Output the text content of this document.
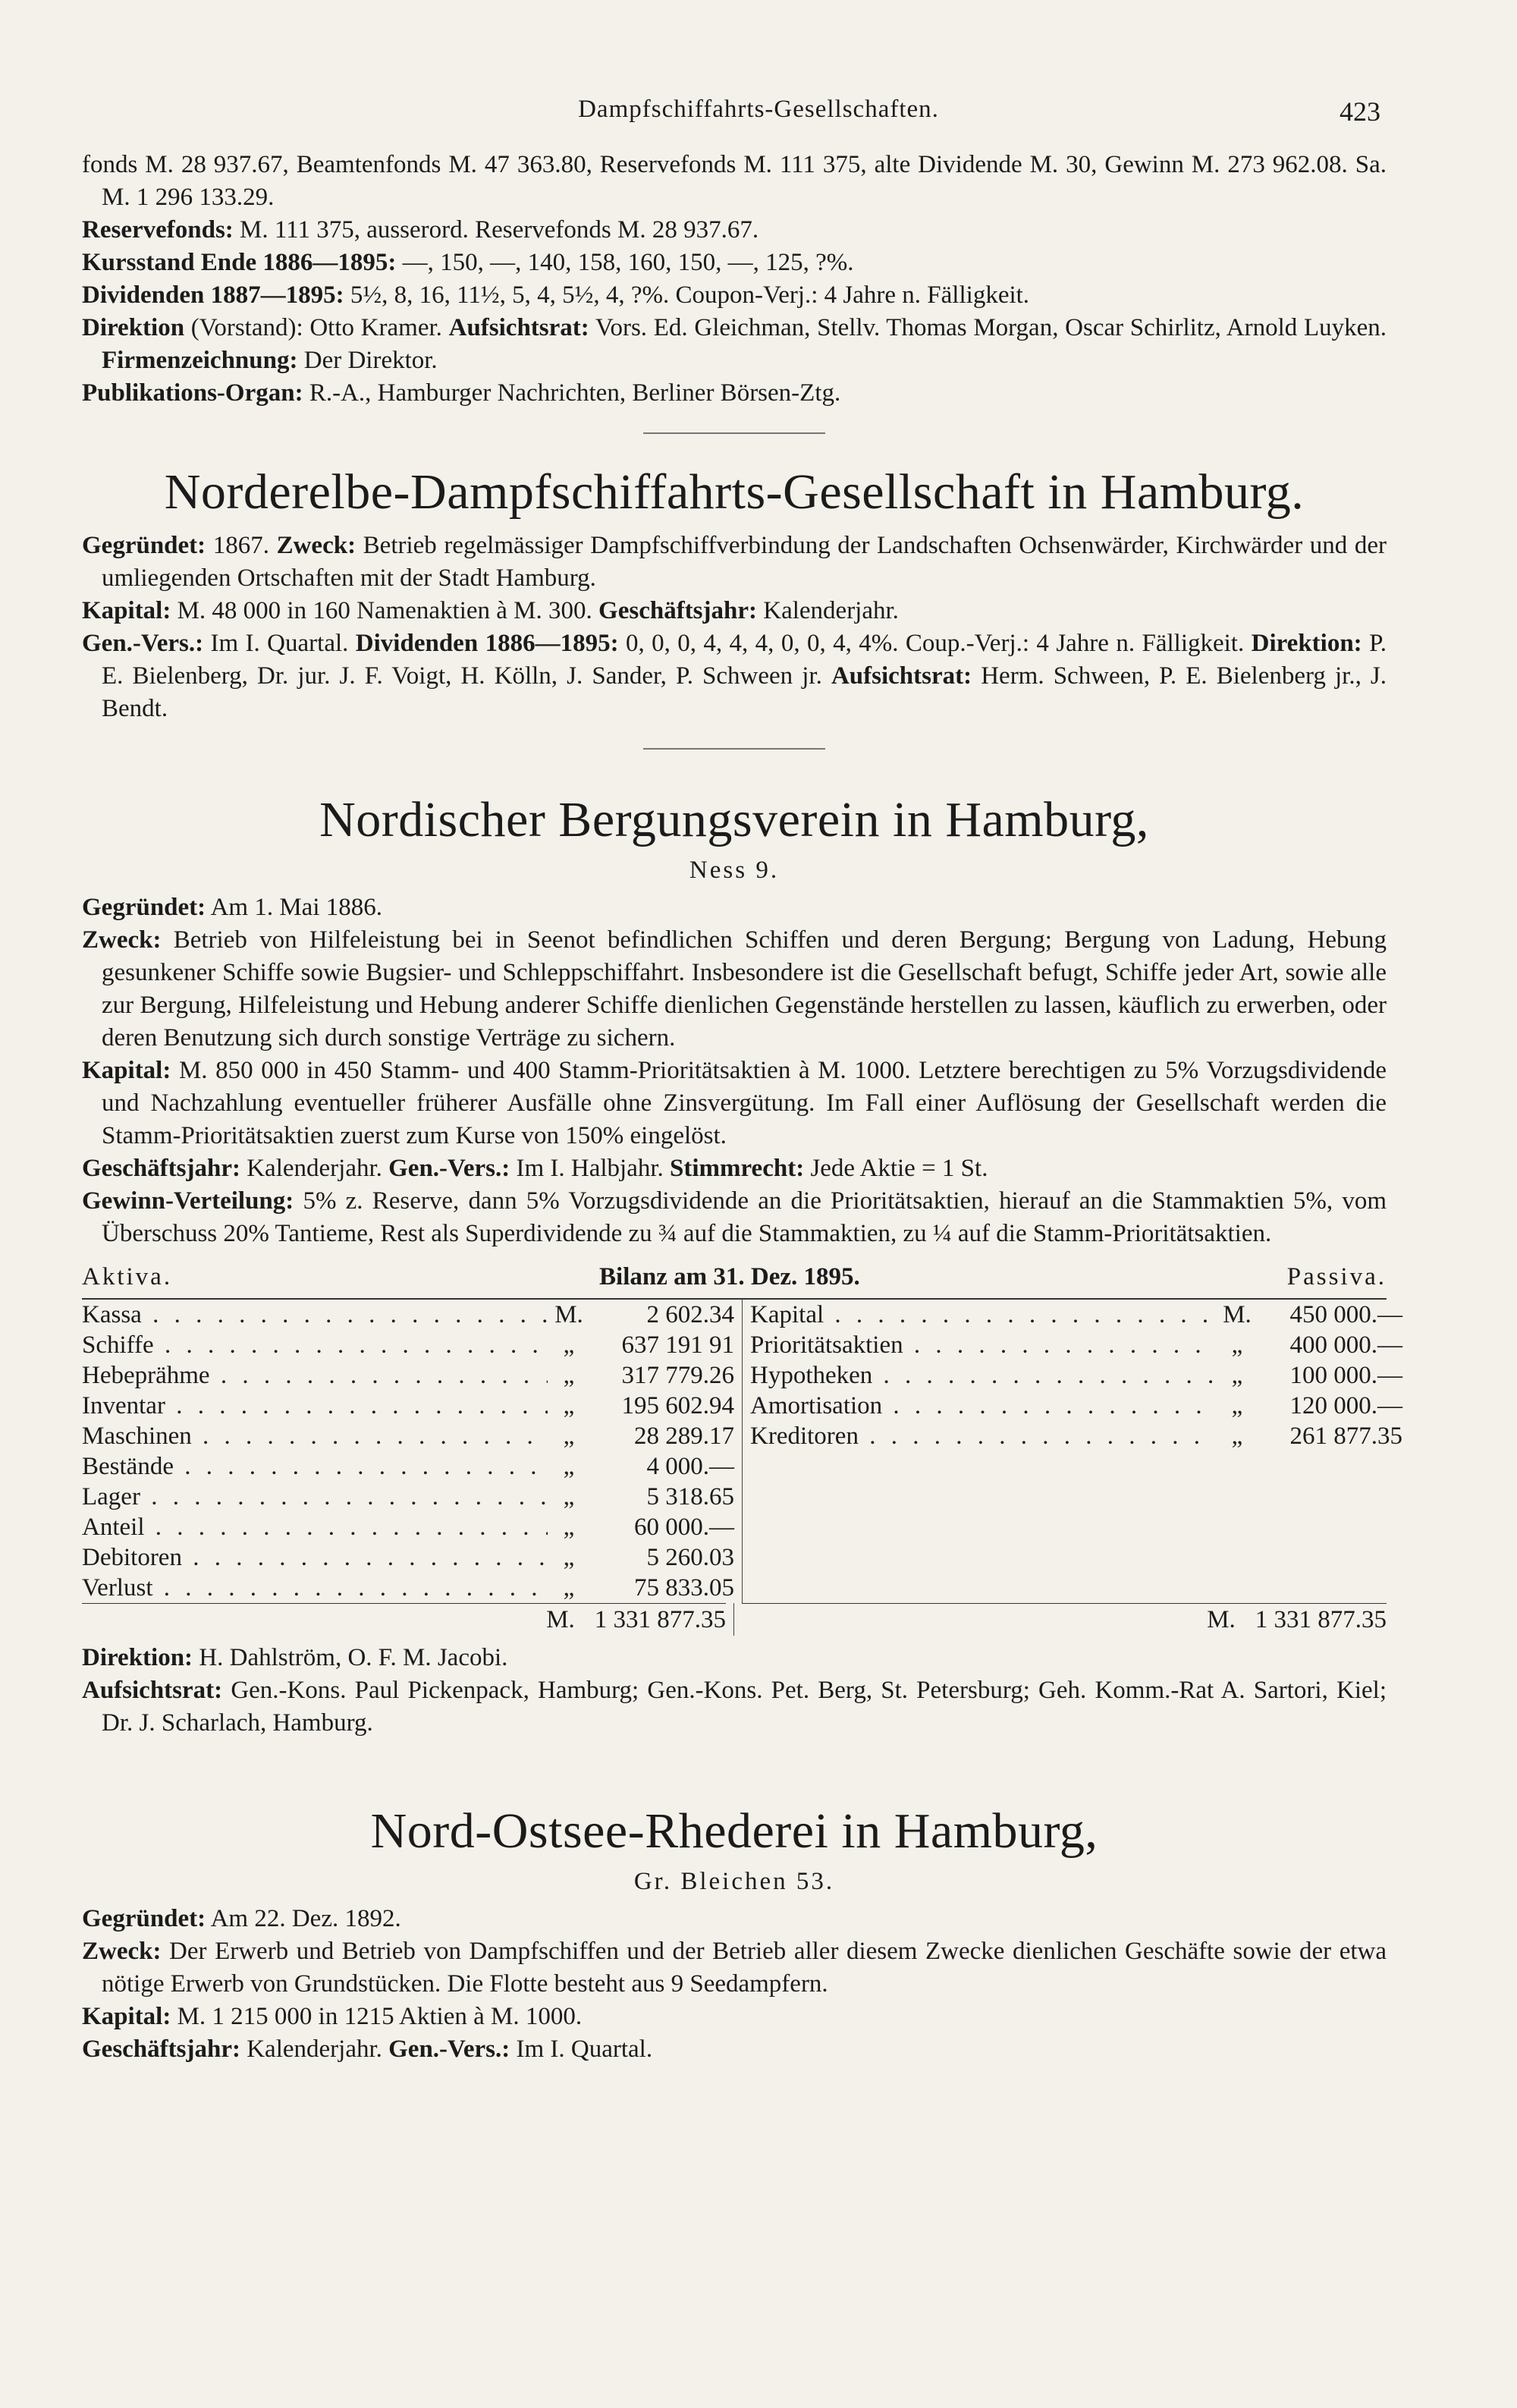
Dampfschiffahrts-Gesellschaften.	423

fonds M. 28 937.67, Beamtenfonds M. 47 363.80, Reservefonds M. 111 375, alte Dividende M. 30, Gewinn M. 273 962.08. Sa. M. 1 296 133.29.

Reservefonds: M. 111 375, ausserord. Reservefonds M. 28 937.67.

Kursstand Ende 1886—1895: —, 150, —, 140, 158, 160, 150, —, 125, ?%.

Dividenden 1887—1895: 5½, 8, 16, 11½, 5, 4, 5½, 4, ?%. Coupon-Verj.: 4 Jahre n. Fälligkeit.

Direktion (Vorstand): Otto Kramer. Aufsichtsrat: Vors. Ed. Gleichman, Stellv. Thomas Morgan, Oscar Schirlitz, Arnold Luyken. Firmenzeichnung: Der Direktor.

Publikations-Organ: R.-A., Hamburger Nachrichten, Berliner Börsen-Ztg.

Norderelbe-Dampfschiffahrts-Gesellschaft in Hamburg.

Gegründet: 1867. Zweck: Betrieb regelmässiger Dampfschiffverbindung der Landschaften Ochsenwärder, Kirchwärder und der umliegenden Ortschaften mit der Stadt Hamburg.

Kapital: M. 48 000 in 160 Namenaktien à M. 300. Geschäftsjahr: Kalenderjahr.

Gen.-Vers.: Im I. Quartal. Dividenden 1886—1895: 0, 0, 0, 4, 4, 4, 0, 0, 4, 4%. Coup.-Verj.: 4 Jahre n. Fälligkeit. Direktion: P. E. Bielenberg, Dr. jur. J. F. Voigt, H. Kölln, J. Sander, P. Schween jr. Aufsichtsrat: Herm. Schween, P. E. Bielenberg jr., J. Bendt.

Nordischer Bergungsverein in Hamburg,
Ness 9.

Gegründet: Am 1. Mai 1886.

Zweck: Betrieb von Hilfeleistung bei in Seenot befindlichen Schiffen und deren Bergung; Bergung von Ladung, Hebung gesunkener Schiffe sowie Bugsier- und Schleppschiffahrt. Insbesondere ist die Gesellschaft befugt, Schiffe jeder Art, sowie alle zur Bergung, Hilfeleistung und Hebung anderer Schiffe dienlichen Gegenstände herstellen zu lassen, käuflich zu erwerben, oder deren Benutzung sich durch sonstige Verträge zu sichern.

Kapital: M. 850 000 in 450 Stamm- und 400 Stamm-Prioritätsaktien à M. 1000. Letztere berechtigen zu 5% Vorzugsdividende und Nachzahlung eventueller früherer Ausfälle ohne Zinsvergütung. Im Fall einer Auflösung der Gesellschaft werden die Stamm-Prioritätsaktien zuerst zum Kurse von 150% eingelöst.

Geschäftsjahr: Kalenderjahr. Gen.-Vers.: Im I. Halbjahr. Stimmrecht: Jede Aktie = 1 St.

Gewinn-Verteilung: 5% z. Reserve, dann 5% Vorzugsdividende an die Prioritätsaktien, hierauf an die Stammaktien 5%, vom Überschuss 20% Tantieme, Rest als Superdividende zu ¾ auf die Stammaktien, zu ¼ auf die Stamm-Prioritätsaktien.

Aktiva.	Bilanz am 31. Dez. 1895.	Passiva.
Kassa . . .	M.	2 602.34
Schiffe . . .	„	637 191 91
Hebeprähme . . .	„	317 779.26
Inventar . . .	„	195 602.94
Maschinen . . .	„	28 289.17
Bestände . . .	„	4 000.—
Lager . . .	„	5 318.65
Anteil . . .	„	60 000.—
Debitoren . . .	„	5 260.03
Verlust . . .	„	75 833.05
Kapital . . .	M.	450 000.—
Prioritätsaktien . . .	„	400 000.—
Hypotheken . . .	„	100 000.—
Amortisation . . .	„	120 000.—
Kreditoren . . .	„	261 877.35
M. 1 331 877.35	M. 1 331 877.35

Direktion: H. Dahlström, O. F. M. Jacobi.

Aufsichtsrat: Gen.-Kons. Paul Pickenpack, Hamburg; Gen.-Kons. Pet. Berg, St. Petersburg; Geh. Komm.-Rat A. Sartori, Kiel; Dr. J. Scharlach, Hamburg.

Nord-Ostsee-Rhederei in Hamburg,
Gr. Bleichen 53.

Gegründet: Am 22. Dez. 1892.

Zweck: Der Erwerb und Betrieb von Dampfschiffen und der Betrieb aller diesem Zwecke dienlichen Geschäfte sowie der etwa nötige Erwerb von Grundstücken. Die Flotte besteht aus 9 Seedampfern.

Kapital: M. 1 215 000 in 1215 Aktien à M. 1000.

Geschäftsjahr: Kalenderjahr. Gen.-Vers.: Im I. Quartal.
